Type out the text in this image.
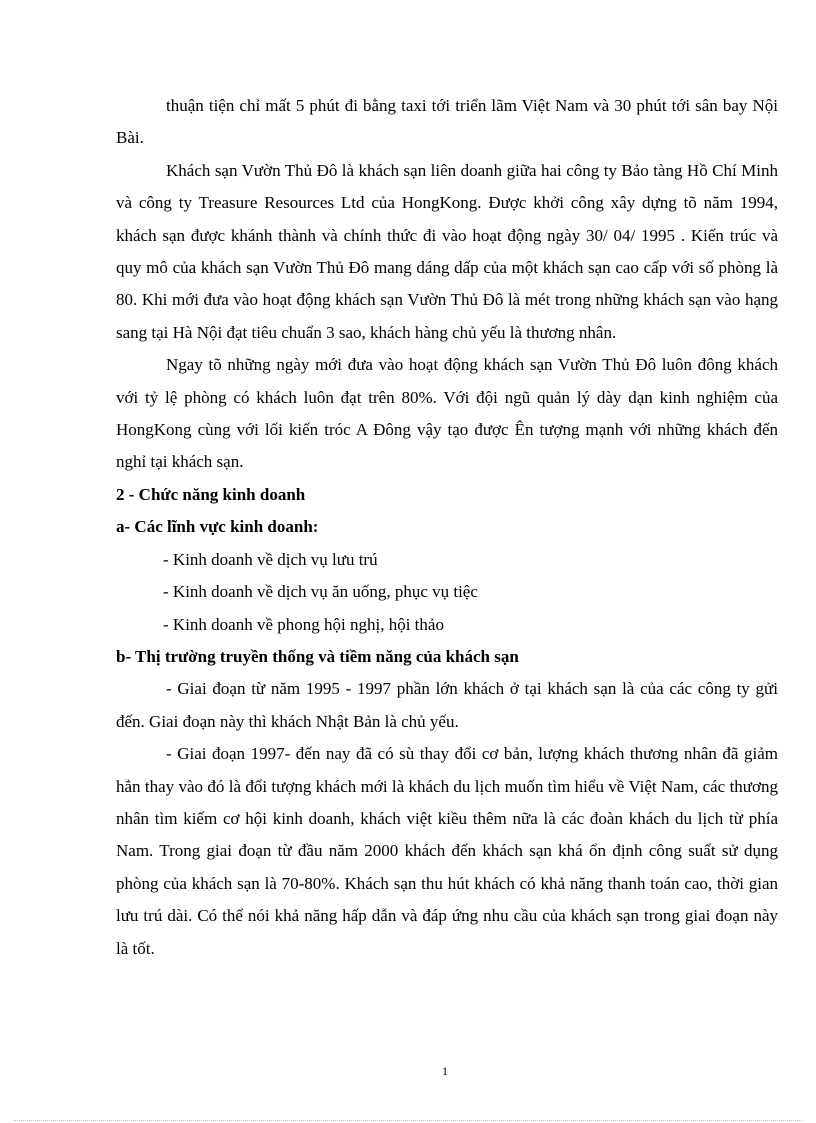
thuận tiện chỉ mất 5 phút đi bằng taxi tới triển lãm Việt Nam và 30 phút tới sân bay Nội Bài.

Khách sạn Vườn Thủ Đô là khách sạn liên doanh giữa hai công ty Bảo tàng Hồ Chí Minh và công ty Treasure Resources Ltd của HongKong. Được khởi công xây dựng tõ năm 1994, khách sạn được khánh thành và chính thức đi vào hoạt động ngày 30/ 04/ 1995 . Kiến trúc và quy mô của khách sạn Vườn Thủ Đô mang dáng dấp của một khách sạn cao cấp với số phòng là 80. Khi mới đưa vào hoạt động khách sạn Vườn Thủ Đô là mét trong những khách sạn vào hạng sang tại Hà Nội đạt tiêu chuẩn 3 sao, khách hàng chủ yếu là thương nhân.

Ngay tõ những ngày mới đưa vào hoạt động khách sạn Vườn Thủ Đô luôn đông khách với tỷ lệ phòng có khách luôn đạt trên 80%. Với đội ngũ quản lý dày dạn kinh nghiệm của HongKong cùng với lối kiến tróc A Đông vậy tạo được Ên tượng mạnh với những khách đến nghỉ tại khách sạn.

2 - Chức năng kinh doanh

a- Các lĩnh vực kinh doanh:

- Kinh doanh về dịch vụ lưu trú

- Kinh doanh về dịch vụ ăn uống, phục vụ tiệc

- Kinh doanh về phong hội nghị, hội thảo

b- Thị trường truyền thống và tiềm năng của khách sạn

- Giai đoạn từ năm 1995 - 1997 phần lớn khách ở tại khách sạn là của các công ty gửi đến. Giai đoạn này thì khách Nhật Bản là chủ yếu.

- Giai đoạn 1997- đến nay đã có sù thay đổi cơ bản, lượng khách thương nhân đã giảm hẳn thay vào đó là đối tượng khách mới là khách du lịch muốn tìm hiểu về Việt Nam, các thương nhân tìm kiếm cơ hội kinh doanh, khách việt kiều thêm nữa là các đoàn khách du lịch từ phía Nam. Trong giai đoạn từ đầu năm 2000 khách đến khách sạn khá ổn định công suất sử dụng phòng của khách sạn là 70-80%. Khách sạn thu hút khách có khả năng thanh toán cao, thời gian lưu trú dài. Có thể nói khả năng hấp dẫn và đáp ứng nhu cầu của khách sạn trong giai đoạn này là tốt.

1
